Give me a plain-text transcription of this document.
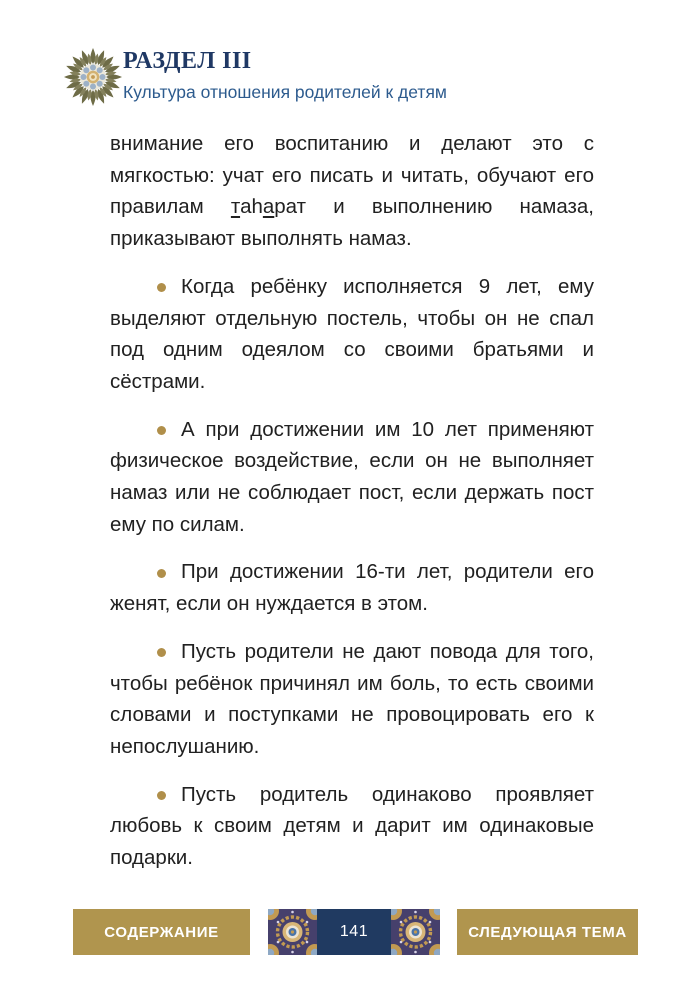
РАЗДЕЛ III
Культура отношения родителей к детям

внимание его воспитанию и делают это с мягкостью: учат его писать и читать, обучают его правилам таһарат и выполнению намаза, приказывают выполнять намаз.

Когда ребёнку исполняется 9 лет, ему выделяют отдельную постель, чтобы он не спал под одним одеялом со своими братьями и сёстрами.

А при достижении им 10 лет применяют физическое воздействие, если он не выполняет намаз или не соблюдает пост, если держать пост ему по силам.

При достижении 16-ти лет, родители его женят, если он нуждается в этом.

Пусть родители не дают повода для того, чтобы ребёнок причинял им боль, то есть своими словами и поступками не провоцировать его к непослушанию.

Пусть родитель одинаково проявляет любовь к своим детям и дарит им одинаковые подарки.

СОДЕРЖАНИЕ	141	СЛЕДУЮЩАЯ ТЕМА
